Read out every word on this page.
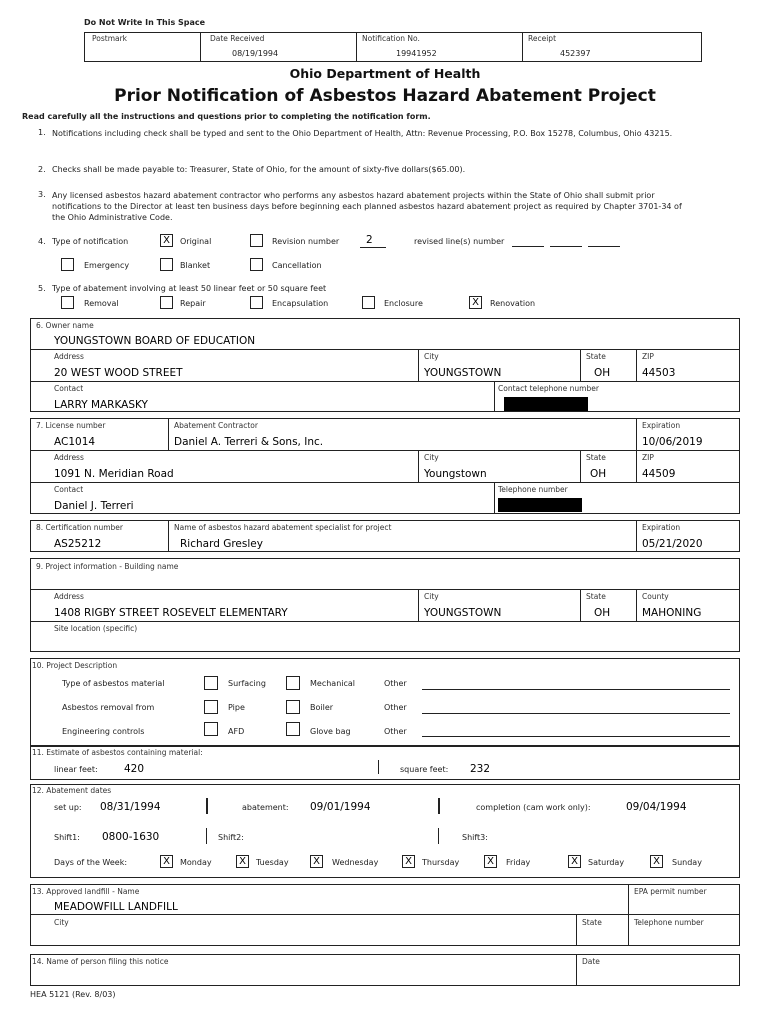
Do Not Write In This Space
Postmark	Date Received
08/19/1994
Notification No.
19941952
Receipt
452397
Ohio Department of Health
Prior Notification of Asbestos Hazard Abatement Project
Read carefully all the instructions and questions prior to completing the notification form.
1. Notifications including check shall be typed and sent to the Ohio Department of Health, Attn: Revenue Processing, P.O. Box 15278, Columbus, Ohio 43215.
2. Checks shall be made payable to: Treasurer, State of Ohio, for the amount of sixty-five dollars($65.00).
3. Any licensed asbestos hazard abatement contractor who performs any asbestos hazard abatement projects within the State of Ohio shall submit prior notifications to the Director at least ten business days before beginning each planned asbestos hazard abatement project as required by Chapter 3701-34 of the Ohio Administrative Code.
4. Type of notification	X	Original	Revision number	2	revised line(s) number
Emergency	Blanket	Cancellation
5. Type of abatement involving at least 50 linear feet or 50 square feet
Removal	Repair	Encapsulation	Enclosure	X	Renovation
6. Owner name
YOUNGSTOWN BOARD OF EDUCATION
Address
20 WEST WOOD STREET
City
YOUNGSTOWN
State
OH
ZIP
44503
Contact
LARRY MARKASKY
Contact telephone number
7. License number
AC1014
Abatement Contractor
Daniel A. Terreri & Sons, Inc.
Expiration
10/06/2019
Address
1091 N. Meridian Road
City
Youngstown
State
OH
ZIP
44509
Contact
Daniel J. Terreri
Telephone number
8. Certification number
AS25212
Name of asbestos hazard abatement specialist for project
Richard Gresley
Expiration
05/21/2020
9. Project information - Building name
Address
1408 RIGBY STREET ROSEVELT ELEMENTARY
City
YOUNGSTOWN
State
OH
County
MAHONING
Site location (specific)
10. Project Description
Type of asbestos material	Surfacing	Mechanical	Other
Asbestos removal from	Pipe	Boiler	Other
Engineering controls	AFD	Glove bag	Other
11. Estimate of asbestos containing material:
linear feet:	420	square feet: 232
12. Abatement dates
set up: 08/31/1994	abatement: 09/01/1994	completion (cam work only):	09/04/1994
Shift1: 0800-1630	Shift2:	Shift3:
Days of the Week:	X	Monday	X	Tuesday	X	Wednesday	X	Thursday	X	Friday	X	Saturday	X	Sunday
13. Approved landfill - Name
MEADOWFILL LANDFILL
EPA permit number
City	State	Telephone number
14. Name of person filing this notice	Date
HEA 5121 (Rev. 8/03)
